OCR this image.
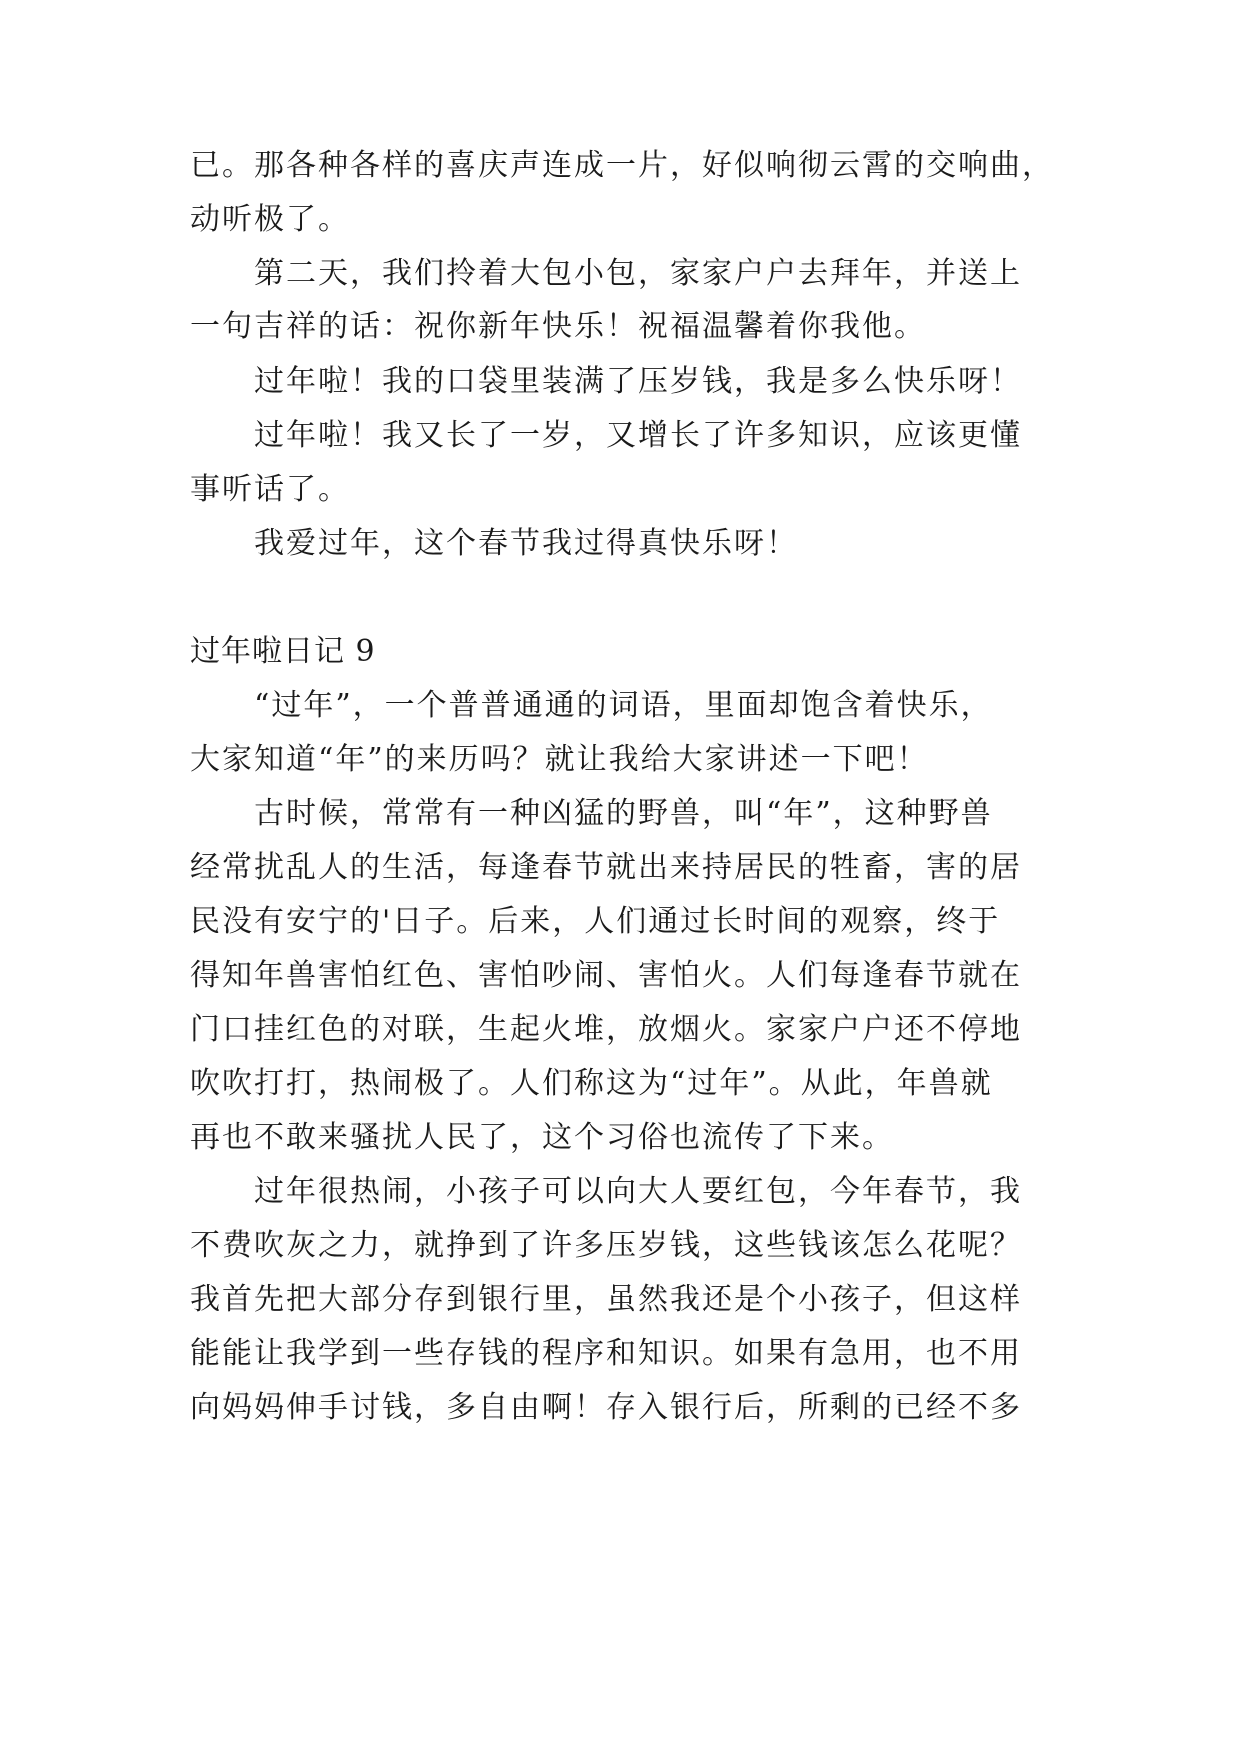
已。那各种各样的喜庆声连成一片，好似响彻云霄的交响曲，
动听极了。
第二天，我们拎着大包小包，家家户户去拜年，并送上
一句吉祥的话：祝你新年快乐！祝福温馨着你我他。
过年啦！我的口袋里装满了压岁钱，我是多么快乐呀！
过年啦！我又长了一岁，又增长了许多知识，应该更懂
事听话了。
我爱过年，这个春节我过得真快乐呀！
过年啦日记 9
“过年”，一个普普通通的词语，里面却饱含着快乐，
大家知道“年”的来历吗？就让我给大家讲述一下吧！
古时候，常常有一种凶猛的野兽，叫“年”，这种野兽
经常扰乱人的生活，每逢春节就出来持居民的牲畜，害的居
民没有安宁的'日子。后来，人们通过长时间的观察，终于
得知年兽害怕红色、害怕吵闹、害怕火。人们每逢春节就在
门口挂红色的对联，生起火堆，放烟火。家家户户还不停地
吹吹打打，热闹极了。人们称这为“过年”。从此，年兽就
再也不敢来骚扰人民了，这个习俗也流传了下来。
过年很热闹，小孩子可以向大人要红包，今年春节，我
不费吹灰之力，就挣到了许多压岁钱，这些钱该怎么花呢？
我首先把大部分存到银行里，虽然我还是个小孩子，但这样
能能让我学到一些存钱的程序和知识。如果有急用，也不用
向妈妈伸手讨钱，多自由啊！存入银行后，所剩的已经不多
